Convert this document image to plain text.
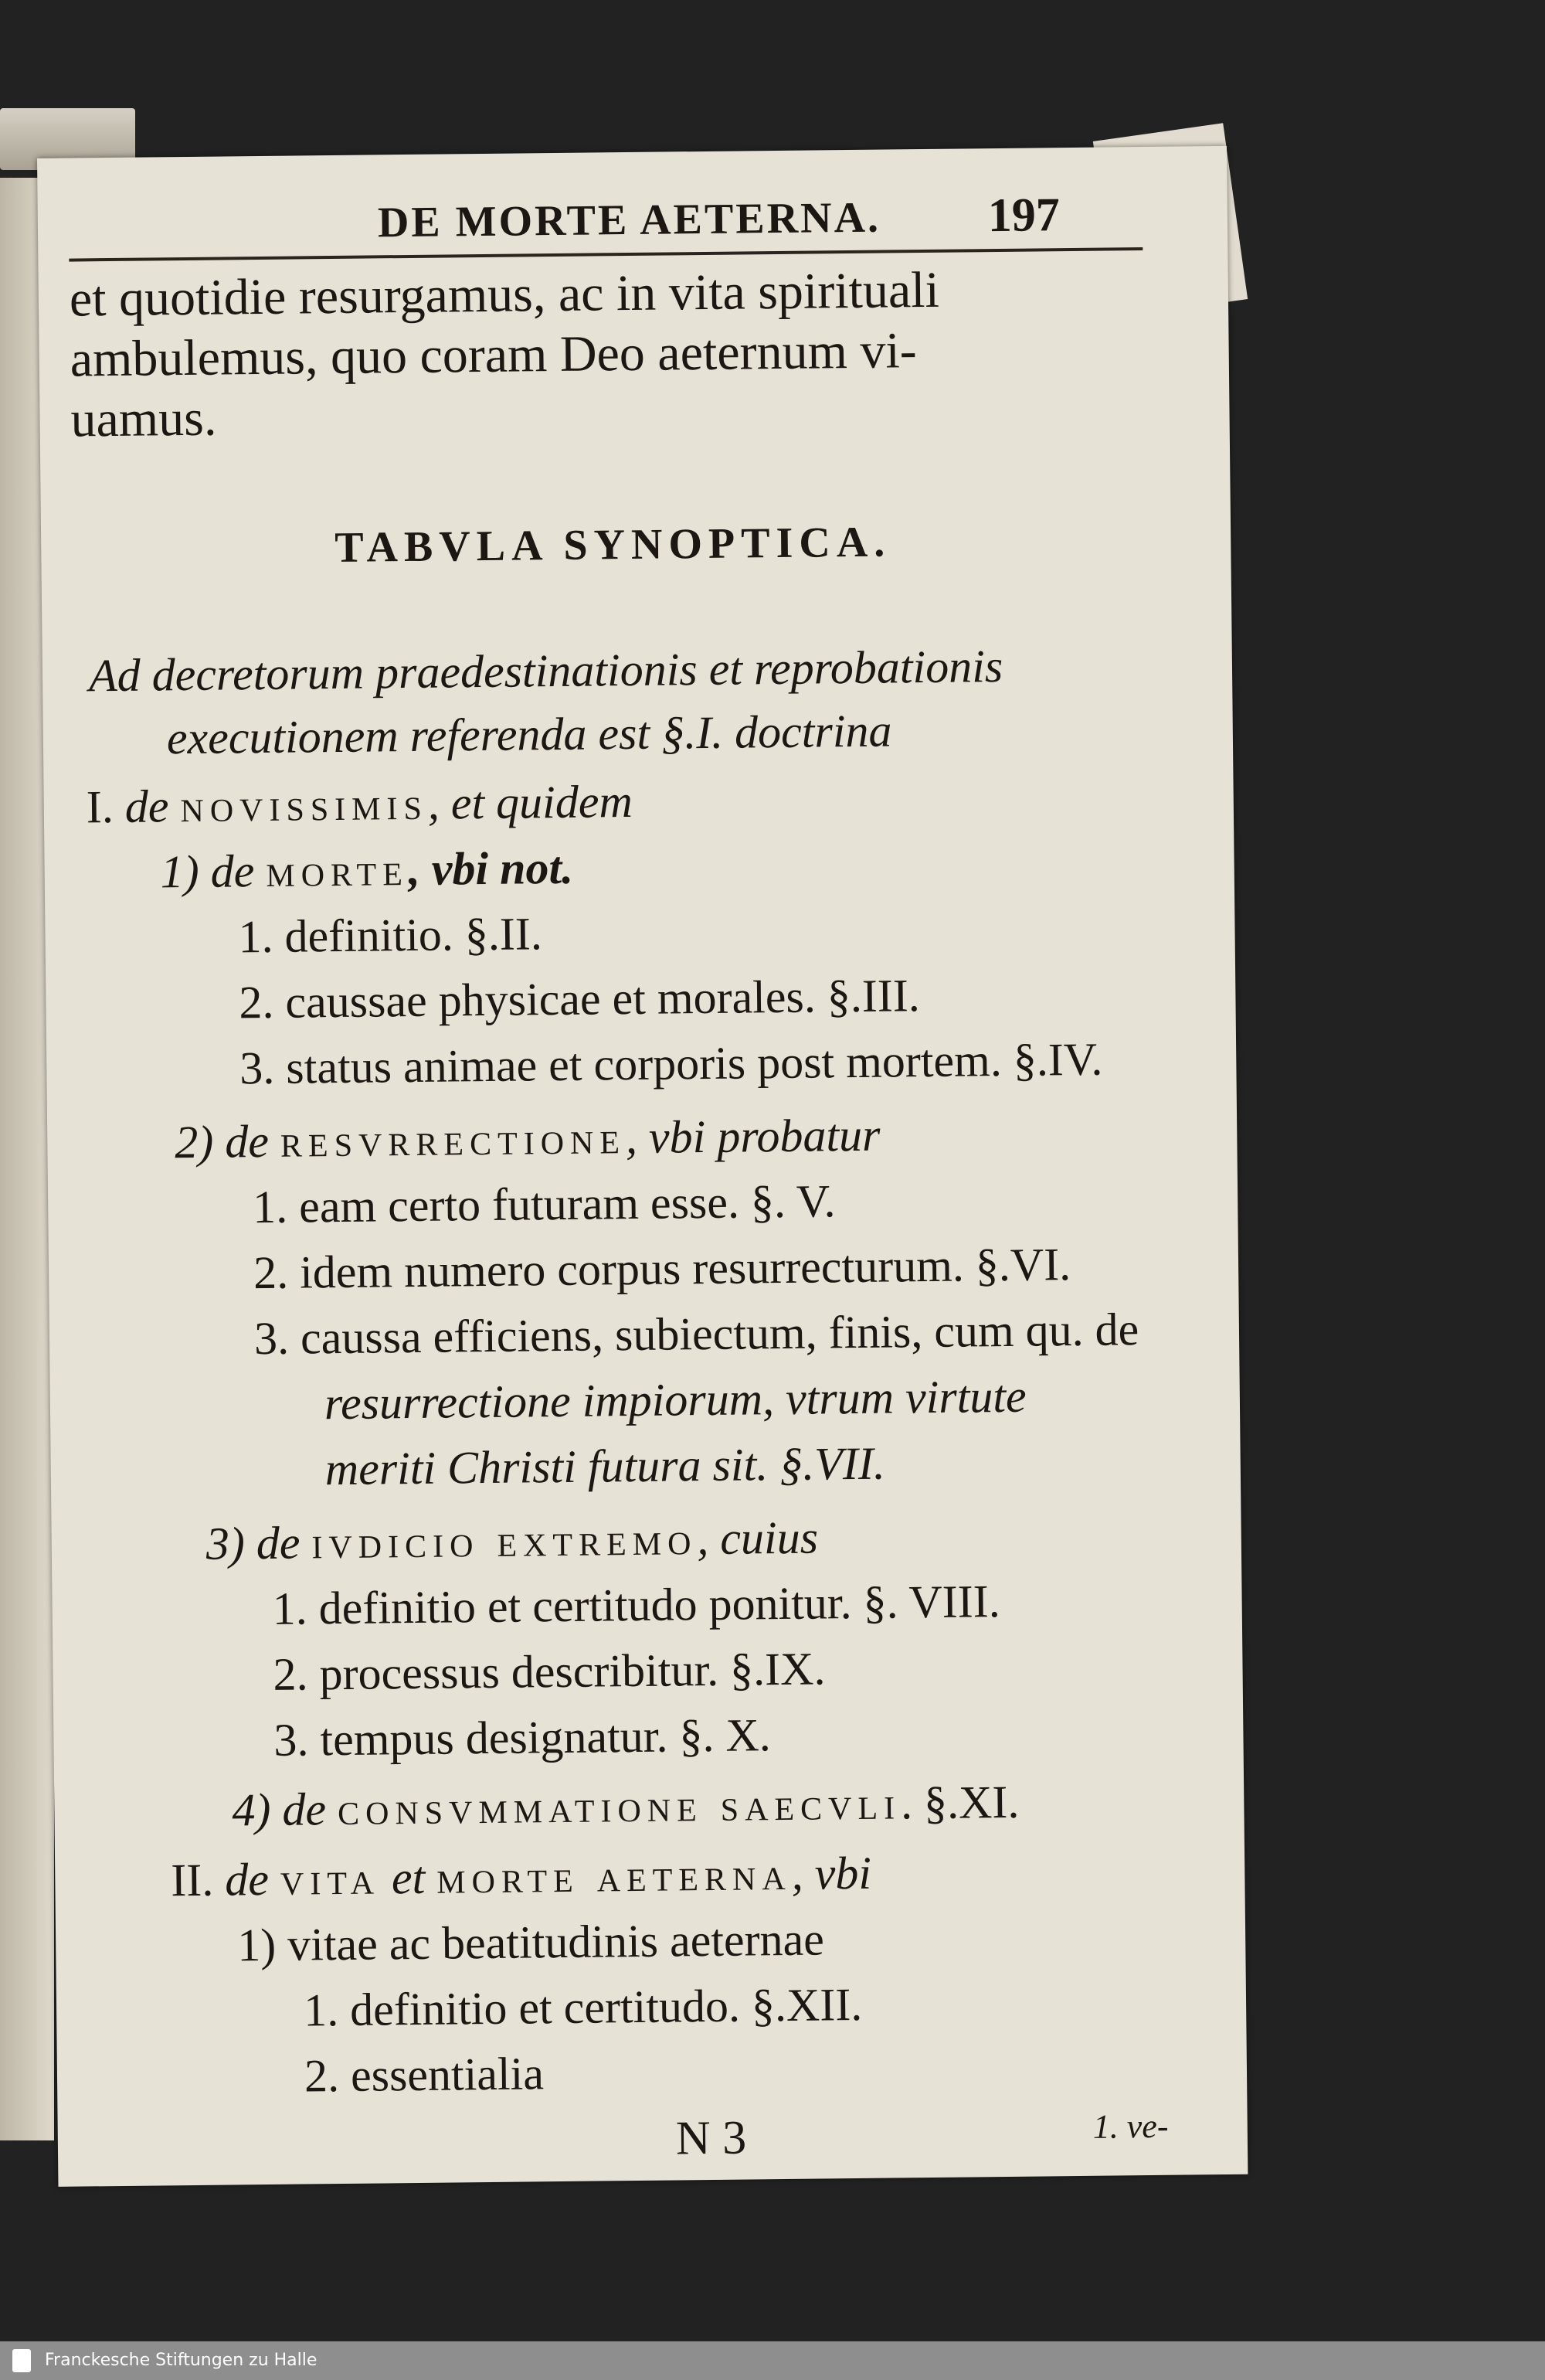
DE MORTE AETERNA. 197
et quotidie resurgamus, ac in vita spirituali
ambulemus, quo coram Deo aeternum vi-
uamus.
TABVLA SYNOPTICA.
Ad decretorum praedestinationis et reprobationis
executionem referenda est §.I. doctrina
I. de novissimis, et quidem
1) de morte, vbi not.
1. definitio. §.II.
2. caussae physicae et morales. §.III.
3. status animae et corporis post mortem. §.IV.
2) de resvrrectione, vbi probatur
1. eam certo futuram esse. §. V.
2. idem numero corpus resurrecturum. §.VI.
3. caussa efficiens, subiectum, finis, cum qu. de
resurrectione impiorum, vtrum virtute
meriti Christi futura sit. §.VII.
3) de ivdicio extremo, cuius
1. definitio et certitudo ponitur. §. VIII.
2. processus describitur. §.IX.
3. tempus designatur. §. X.
4) de consvmmatione saecvli. §.XI.
II. de vita et morte aeterna, vbi
1) vitae ac beatitudinis aeternae
1. definitio et certitudo. §.XII.
2. essentialia
N 3	1. ve-
Franckesche Stiftungen zu Halle
